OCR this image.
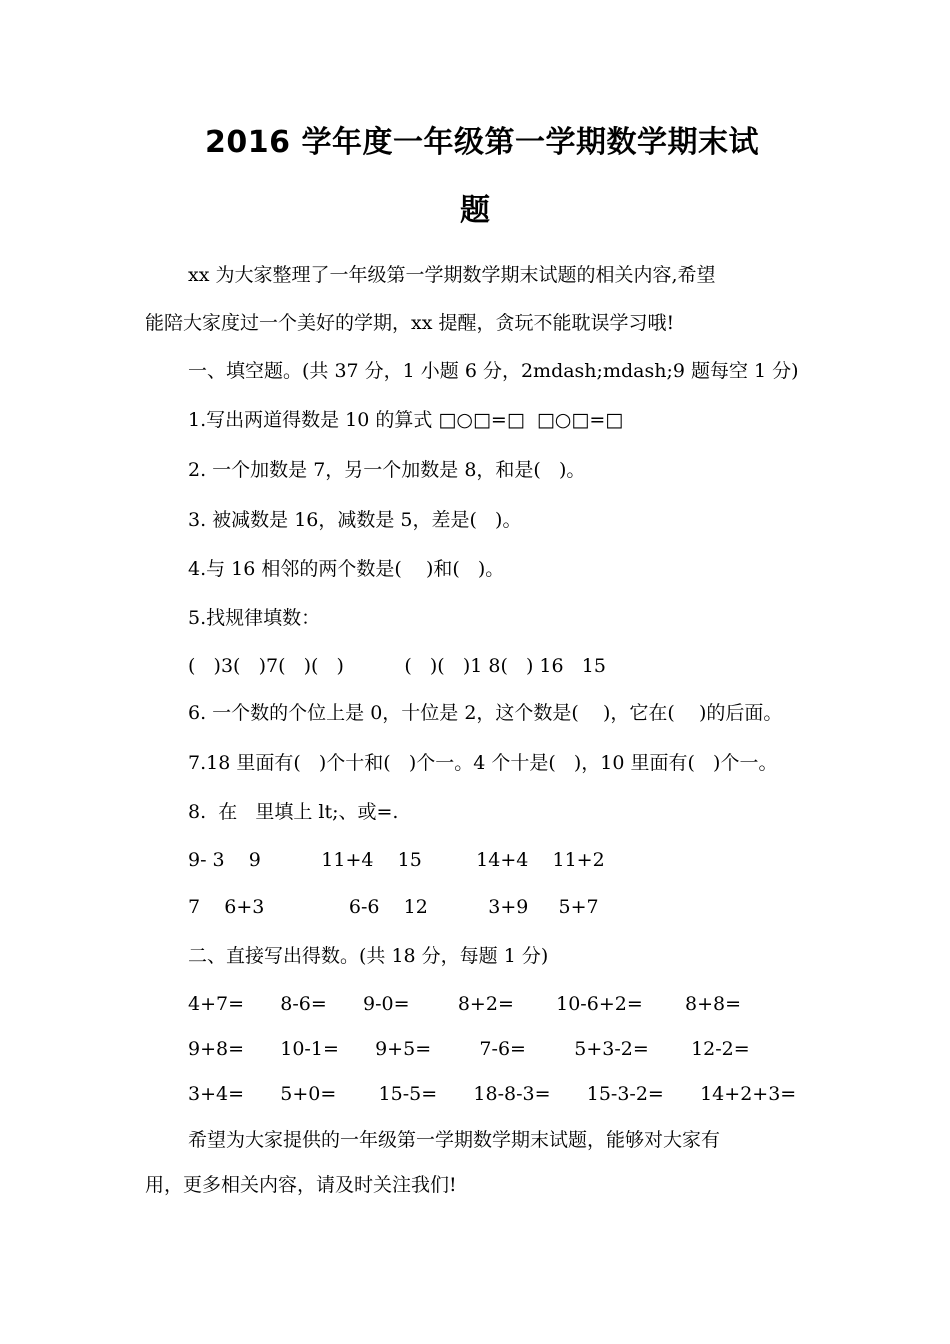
2016 学年度一年级第一学期数学期末试
题
xx 为大家整理了一年级第一学期数学期末试题的相关内容,希望
能陪大家度过一个美好的学期，xx 提醒，贪玩不能耽误学习哦!
一、填空题。(共 37 分，1 小题 6 分，2mdash;mdash;9 题每空 1 分)
1.写出两道得数是 10 的算式 □○□=□  □○□=□
2. 一个加数是 7，另一个加数是 8，和是(   )。
3. 被减数是 16，减数是 5，差是(   )。
4.与 16 相邻的两个数是(    )和(   )。
5.找规律填数：
(   )3(   )7(   )(   )          (   )(   )1 8(   ) 16   15
6. 一个数的个位上是 0，十位是 2，这个数是(    )，它在(    )的后面。
7.18 里面有(   )个十和(   )个一。4 个十是(   )，10 里面有(   )个一。
8.  在   里填上 lt;、或=.
9- 3    9          11+4    15         14+4    11+2
7    6+3              6-6    12          3+9     5+7
二、直接写出得数。(共 18 分，每题 1 分)
4+7=      8-6=      9-0=        8+2=       10-6+2=       8+8=
9+8=      10-1=      9+5=        7-6=        5+3-2=       12-2=
3+4=      5+0=       15-5=      18-8-3=      15-3-2=      14+2+3=
希望为大家提供的一年级第一学期数学期末试题，能够对大家有
用，更多相关内容，请及时关注我们!
